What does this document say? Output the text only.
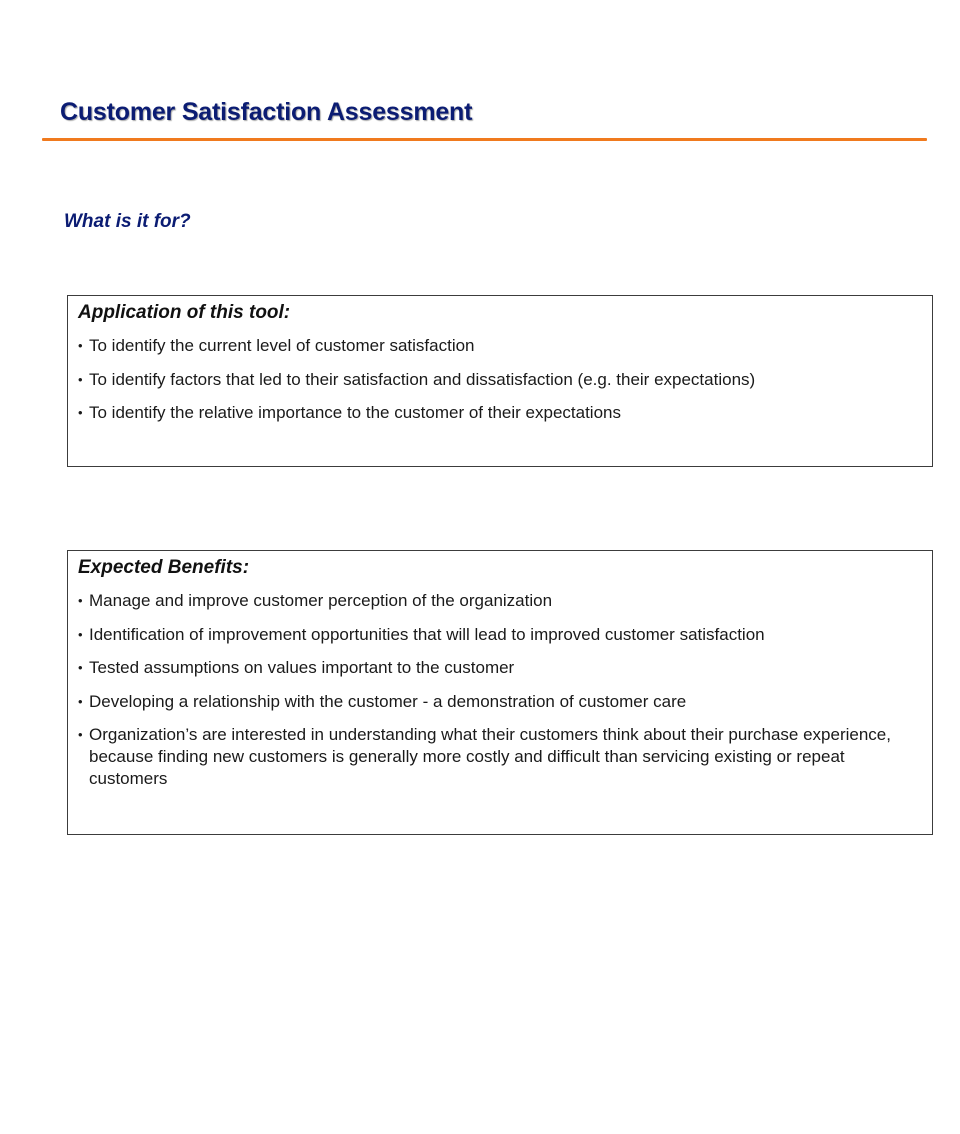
Customer Satisfaction Assessment
What is it for?
Application of this tool:
• To identify the current level of customer satisfaction
• To identify factors that led to their satisfaction and dissatisfaction (e.g. their expectations)
• To identify the relative importance to the customer of their expectations
Expected Benefits:
• Manage and improve customer perception of the organization
• Identification of improvement opportunities that will lead to improved customer satisfaction
• Tested assumptions on values important to the customer
• Developing a relationship with the customer - a demonstration of customer care
• Organization’s are interested in understanding what their customers think about their purchase experience, because finding new customers is generally more costly and difficult than servicing existing or repeat customers
